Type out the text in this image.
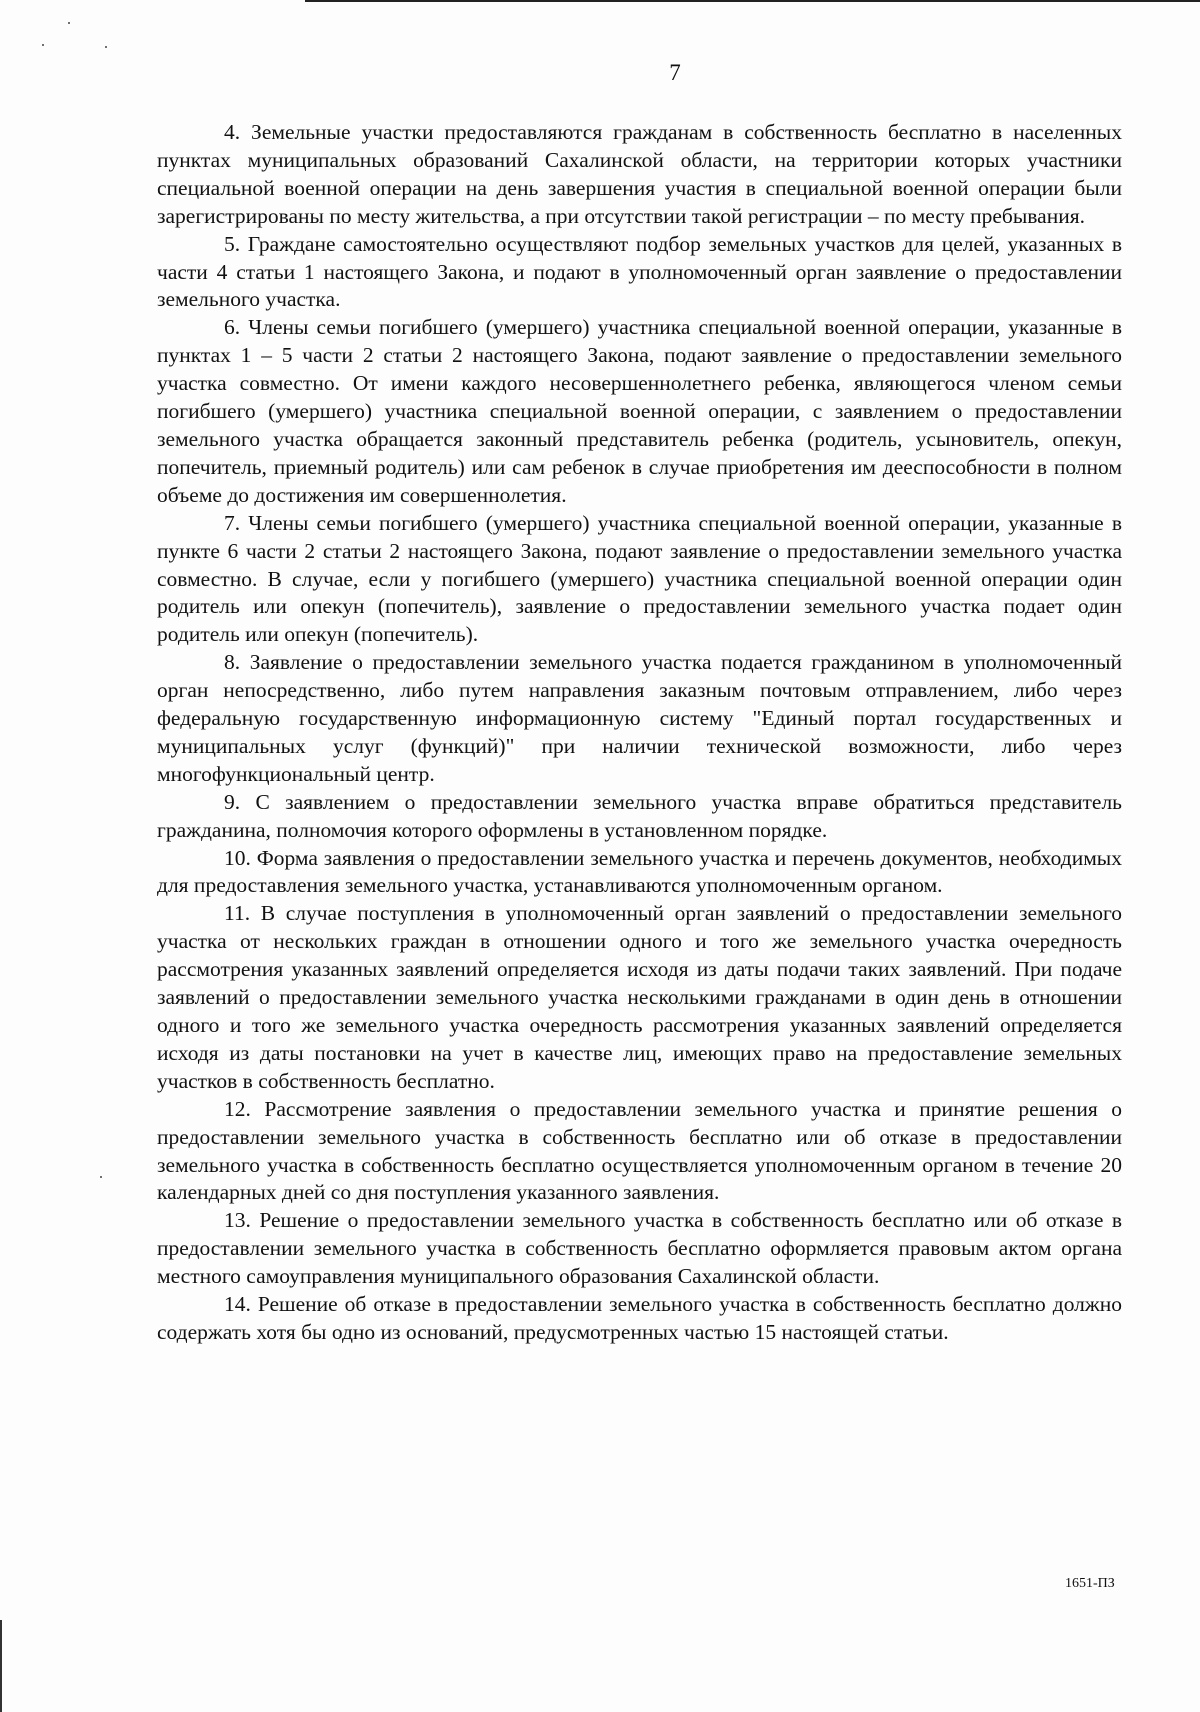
7

4. Земельные участки предоставляются гражданам в собственность бесплатно в населенных пунктах муниципальных образований Сахалинской области, на территории которых участники специальной военной операции на день завершения участия в специальной военной операции были зарегистрированы по месту жительства, а при отсутствии такой регистрации – по месту пребывания.

5. Граждане самостоятельно осуществляют подбор земельных участков для целей, указанных в части 4 статьи 1 настоящего Закона, и подают в уполномоченный орган заявление о предоставлении земельного участка.

6. Члены семьи погибшего (умершего) участника специальной военной операции, указанные в пунктах 1 – 5 части 2 статьи 2 настоящего Закона, подают заявление о предоставлении земельного участка совместно. От имени каждого несовершеннолетнего ребенка, являющегося членом семьи погибшего (умершего) участника специальной военной операции, с заявлением о предоставлении земельного участка обращается законный представитель ребенка (родитель, усыновитель, опекун, попечитель, приемный родитель) или сам ребенок в случае приобретения им дееспособности в полном объеме до достижения им совершеннолетия.

7. Члены семьи погибшего (умершего) участника специальной военной операции, указанные в пункте 6 части 2 статьи 2 настоящего Закона, подают заявление о предоставлении земельного участка совместно. В случае, если у погибшего (умершего) участника специальной военной операции один родитель или опекун (попечитель), заявление о предоставлении земельного участка подает один родитель или опекун (попечитель).

8. Заявление о предоставлении земельного участка подается гражданином в уполномоченный орган непосредственно, либо путем направления заказным почтовым отправлением, либо через федеральную государственную информационную систему "Единый портал государственных и муниципальных услуг (функций)" при наличии технической возможности, либо через многофункциональный центр.

9. С заявлением о предоставлении земельного участка вправе обратиться представитель гражданина, полномочия которого оформлены в установленном порядке.

10. Форма заявления о предоставлении земельного участка и перечень документов, необходимых для предоставления земельного участка, устанавливаются уполномоченным органом.

11. В случае поступления в уполномоченный орган заявлений о предоставлении земельного участка от нескольких граждан в отношении одного и того же земельного участка очередность рассмотрения указанных заявлений определяется исходя из даты подачи таких заявлений. При подаче заявлений о предоставлении земельного участка несколькими гражданами в один день в отношении одного и того же земельного участка очередность рассмотрения указанных заявлений определяется исходя из даты постановки на учет в качестве лиц, имеющих право на предоставление земельных участков в собственность бесплатно.

12. Рассмотрение заявления о предоставлении земельного участка и принятие решения о предоставлении земельного участка в собственность бесплатно или об отказе в предоставлении земельного участка в собственность бесплатно осуществляется уполномоченным органом в течение 20 календарных дней со дня поступления указанного заявления.

13. Решение о предоставлении земельного участка в собственность бесплатно или об отказе в предоставлении земельного участка в собственность бесплатно оформляется правовым актом органа местного самоуправления муниципального образования Сахалинской области.

14. Решение об отказе в предоставлении земельного участка в собственность бесплатно должно содержать хотя бы одно из оснований, предусмотренных частью 15 настоящей статьи.

1651-ПЗ
